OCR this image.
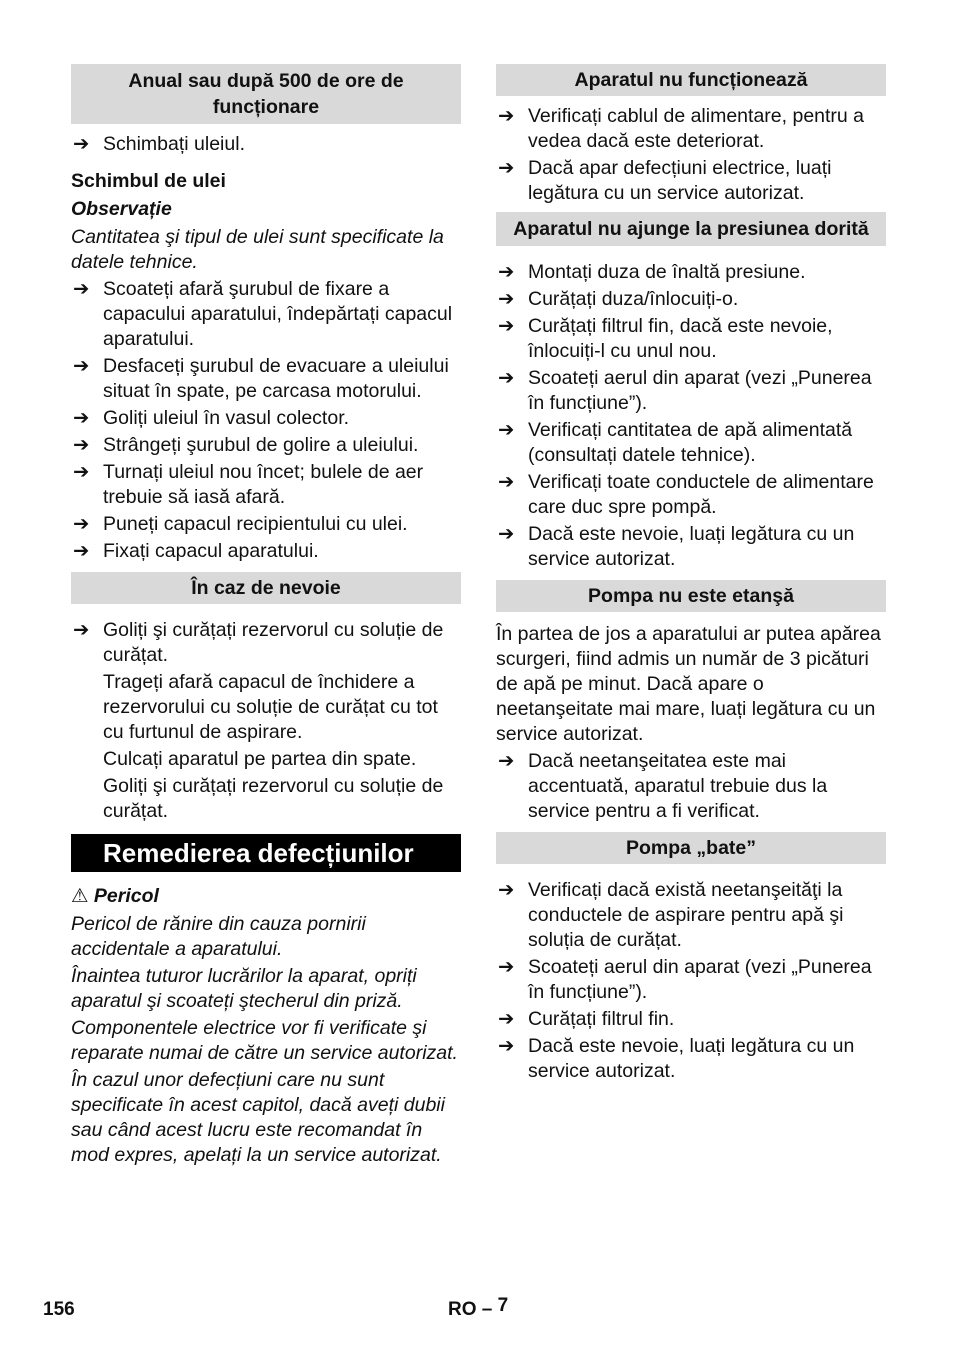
Anual sau după 500 de ore de funcționare
➔ Schimbați uleiul.
Schimbul de ulei
Observație
Cantitatea şi tipul de ulei sunt specificate la datele tehnice.
➔ Scoateți afară şurubul de fixare a capacului aparatului, îndepărtați capacul aparatului.
➔ Desfaceți şurubul de evacuare a uleiului situat în spate, pe carcasa motorului.
➔ Goliți uleiul în vasul colector.
➔ Strângeți şurubul de golire a uleiului.
➔ Turnați uleiul nou încet; bulele de aer trebuie să iasă afară.
➔ Puneți capacul recipientului cu ulei.
➔ Fixați capacul aparatului.
În caz de nevoie
➔ Goliți şi curățați rezervorul cu soluție de curățat.
Trageți afară capacul de închidere a rezervorului cu soluție de curățat cu tot cu furtunul de aspirare.
Culcați aparatul pe partea din spate.
Goliți şi curățați rezervorul cu soluție de curățat.
Remedierea defecțiunilor
⚠ Pericol
Pericol de rănire din cauza pornirii accidentale a aparatului.
Înaintea tuturor lucrărilor la aparat, opriți aparatul şi scoateți ştecherul din priză.
Componentele electrice vor fi verificate şi reparate numai de către un service autorizat.
În cazul unor defecțiuni care nu sunt specificate în acest capitol, dacă aveți dubii sau când acest lucru este recomandat în mod expres, apelați la un service autorizat.
Aparatul nu funcționează
➔ Verificați cablul de alimentare, pentru a vedea dacă este deteriorat.
➔ Dacă apar defecțiuni electrice, luați legătura cu un service autorizat.
Aparatul nu ajunge la presiunea dorită
➔ Montați duza de înaltă presiune.
➔ Curățați duza/înlocuiți-o.
➔ Curățați filtrul fin, dacă este nevoie, înlocuiți-l cu unul nou.
➔ Scoateți aerul din aparat (vezi „Punerea în funcțiune”).
➔ Verificați cantitatea de apă alimentată (consultați datele tehnice).
➔ Verificați toate conductele de alimentare care duc spre pompă.
➔ Dacă este nevoie, luați legătura cu un service autorizat.
Pompa nu este etanşă
În partea de jos a aparatului ar putea apărea scurgeri, fiind admis un număr de 3 picături de apă pe minut. Dacă apare o neetanşeitate mai mare, luați legătura cu un service autorizat.
➔ Dacă neetanşeitatea este mai accentuată, aparatul trebuie dus la service pentru a fi verificat.
Pompa „bate”
➔ Verificați dacă există neetanşeităţi la conductele de aspirare pentru apă şi soluția de curățat.
➔ Scoateți aerul din aparat (vezi „Punerea în funcțiune”).
➔ Curățați filtrul fin.
➔ Dacă este nevoie, luați legătura cu un service autorizat.
156	RO – 7
